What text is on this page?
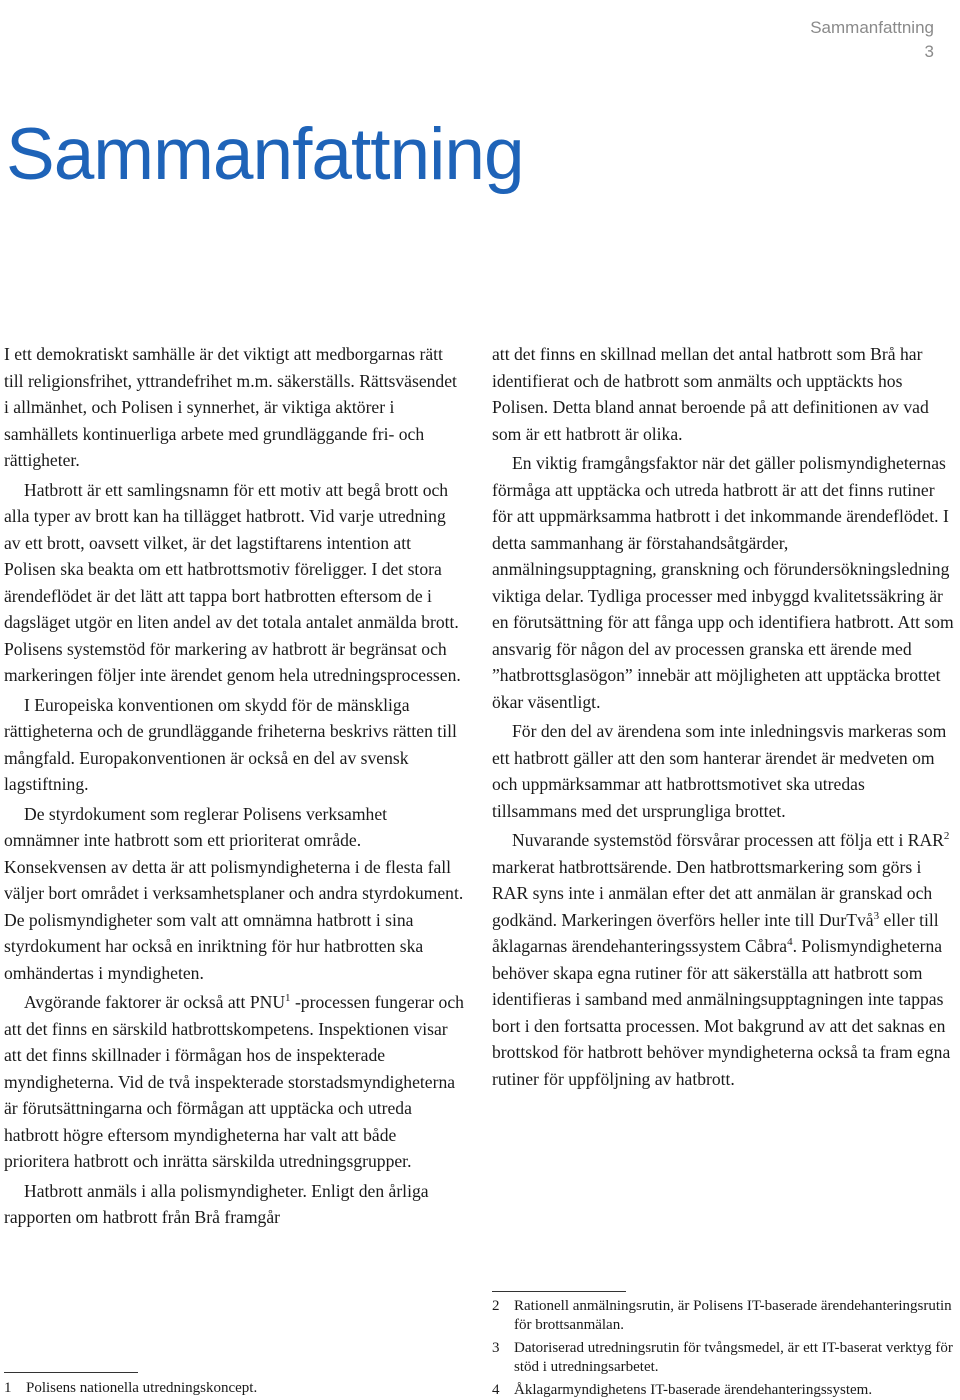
Sammanfattning
3
Sammanfattning

I ett demokratiskt samhälle är det viktigt att medborgarnas rätt till religionsfrihet, yttrandefrihet m.m. säkerställs. Rättsväsendet i allmänhet, och Polisen i synnerhet, är viktiga aktörer i samhällets kontinuerliga arbete med grundläggande fri- och rättigheter.

Hatbrott är ett samlingsnamn för ett motiv att begå brott och alla typer av brott kan ha tillägget hatbrott. Vid varje utredning av ett brott, oavsett vilket, är det lagstiftarens intention att Polisen ska beakta om ett hatbrottsmotiv föreligger. I det stora ärendeflödet är det lätt att tappa bort hatbrotten eftersom de i dagsläget utgör en liten andel av det totala antalet anmälda brott. Polisens systemstöd för markering av hatbrott är begränsat och markeringen följer inte ärendet genom hela utredningsprocessen.

I Europeiska konventionen om skydd för de mänskliga rättigheterna och de grundläggande friheterna beskrivs rätten till mångfald. Europakonventionen är också en del av svensk lagstiftning.

De styrdokument som reglerar Polisens verksamhet omnämner inte hatbrott som ett prioriterat område. Konsekvensen av detta är att polismyndigheterna i de flesta fall väljer bort området i verksamhetsplaner och andra styrdokument. De polismyndigheter som valt att omnämna hatbrott i sina styrdokument har också en inriktning för hur hatbrotten ska omhändertas i myndigheten.

Avgörande faktorer är också att PNU$^1$ -processen fungerar och att det finns en särskild hatbrottskompetens. Inspektionen visar att det finns skillnader i förmågan hos de inspekterade myndigheterna. Vid de två inspekterade storstadsmyndigheterna är förutsättningarna och förmågan att upptäcka och utreda hatbrott högre eftersom myndigheterna har valt att både prioritera hatbrott och inrätta särskilda utredningsgrupper.

Hatbrott anmäls i alla polismyndigheter. Enligt den årliga rapporten om hatbrott från Brå framgår

att det finns en skillnad mellan det antal hatbrott som Brå har identifierat och de hatbrott som anmälts och upptäckts hos Polisen. Detta bland annat beroende på att definitionen av vad som är ett hatbrott är olika.

En viktig framgångsfaktor när det gäller polismyndigheternas förmåga att upptäcka och utreda hatbrott är att det finns rutiner för att uppmärksamma hatbrott i det inkommande ärendeflödet. I detta sammanhang är förstahandsåtgärder, anmälningsupptagning, granskning och förundersökningsledning viktiga delar. Tydliga processer med inbyggd kvalitetssäkring är en förutsättning för att fånga upp och identifiera hatbrott. Att som ansvarig för någon del av processen granska ett ärende med ”hatbrottsglasögon” innebär att möjligheten att upptäcka brottet ökar väsentligt.

För den del av ärendena som inte inledningsvis markeras som ett hatbrott gäller att den som hanterar ärendet är medveten om och uppmärksammar att hatbrottsmotivet ska utredas tillsammans med det ursprungliga brottet.

Nuvarande systemstöd försvårar processen att följa ett i RAR$^2$ markerat hatbrottsärende. Den hatbrottsmarkering som görs i RAR syns inte i anmälan efter det att anmälan är granskad och godkänd. Markeringen överförs heller inte till DurTvå$^3$ eller till åklagarnas ärendehanteringssystem Cåbra$^4$. Polismyndigheterna behöver skapa egna rutiner för att säkerställa att hatbrott som identifieras i samband med anmälningsupptagningen inte tappas bort i den fortsatta processen. Mot bakgrund av att det saknas en brottskod för hatbrott behöver myndigheterna också ta fram egna rutiner för uppföljning av hatbrott.

1 Polisens nationella utredningskoncept.

2 Rationell anmälningsrutin, är Polisens IT-baserade ärendehanteringsrutin för brottsanmälan.

3 Datoriserad utredningsrutin för tvångsmedel, är ett IT-baserat verktyg för stöd i utredningsarbetet.

4 Åklagarmyndighetens IT-baserade ärendehanteringssystem.
